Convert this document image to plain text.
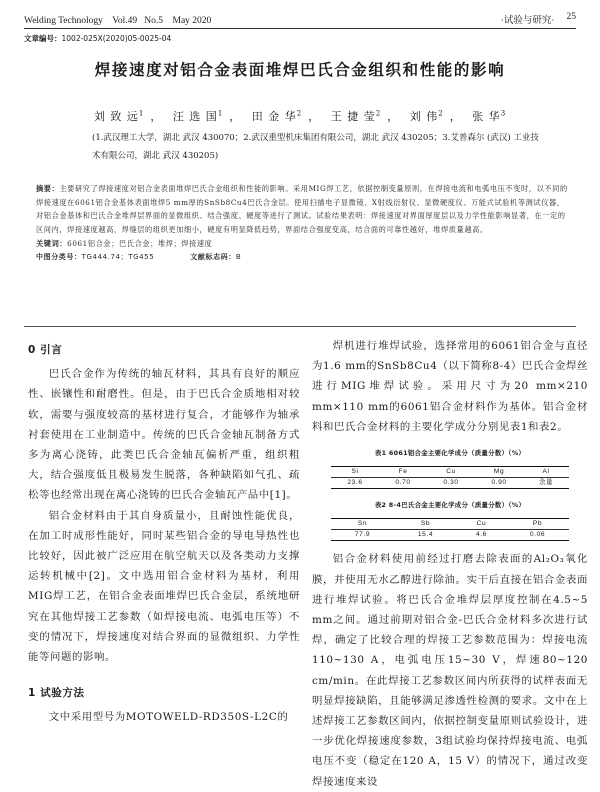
Welding Technology Vol.49 No.5 May 2020	·试验与研究· 25
文章编号：1002-025X(2020)05-0025-04
焊接速度对铝合金表面堆焊巴氏合金组织和性能的影响
刘 致 远$^1$ ， 汪 选 国$^1$ ， 田 金 华$^2$ ， 王 捷 莹$^2$ ， 刘 伟$^2$ ， 张 华$^3$
(1.武汉理工大学，湖北 武汉 430070；2.武汉重型机床集团有限公司，湖北 武汉 430205；3.艾普森尔 (武汉) 工业技
术有限公司，湖北 武汉 430205)
摘要：主要研究了焊接速度对铝合金表面堆焊巴氏合金组织和性能的影响。采用MIG焊工艺，依据控制变量原则，在焊接电流和电弧电压不变时，以不同的焊接速度在6061铝合金基体表面堆焊5 mm厚的SnSb8Cu4巴氏合金层。使用扫描电子显微镜、X射线衍射仪、显微硬度仪、万能式试验机等测试仪器，对铝合金基体和巴氏合金堆焊层界面的显微组织、结合强度、硬度等进行了测试。试验结果表明：焊接速度对界面厚度层以及力学性能影响显著，在一定的区间内，焊接速度越高，焊缝层的组织更加细小，硬度有明显降低趋势，界面结合强度变高，结合面的可靠性越好，堆焊质量越高。
关键词：6061铝合金；巴氏合金；堆焊；焊接速度
中图分类号：TG444.74；TG455	文献标志码：B
0 引言

巴氏合金作为传统的轴瓦材料，其具有良好的顺应性、嵌镶性和耐磨性。但是，由于巴氏合金质地相对较软，需要与强度较高的基材进行复合，才能够作为轴承衬套使用在工业制造中。传统的巴氏合金轴瓦制备方式多为离心浇铸，此类巴氏合金轴瓦偏析严重，组织粗大，结合强度低且极易发生脱落，各种缺陷如气孔、疏松等也经常出现在离心浇铸的巴氏合金轴瓦产品中[1]。

铝合金材料由于其自身质量小，且耐蚀性能优良，在加工时成形性能好，同时某些铝合金的导电导热性也比较好，因此被广泛应用在航空航天以及各类动力支撑运转机械中[2]。文中选用铝合金材料为基材，利用MIG焊工艺，在铝合金表面堆焊巴氏合金层，系统地研究在其他焊接工艺参数（如焊接电流、电弧电压等）不变的情况下，焊接速度对结合界面的显微组织、力学性能等问题的影响。

1 试验方法

文中采用型号为MOTOWELD-RD350S-L2C的

焊机进行堆焊试验，选择常用的6061铝合金与直径为1.6 mm的SnSb8Cu4（以下简称8-4）巴氏合金焊丝进行MIG堆焊试验。采用尺寸为20 mm×210 mm×110 mm的6061铝合金材料作为基体。铝合金材料和巴氏合金材料的主要化学成分分别见表1和表2。

表1 6061铝合金主要化学成分（质量分数）（%）
Si	Fe	Cu	Mg	Al
23.6	0.70	0.30	0.90	余量
表2 8-4巴氏合金主要化学成分（质量分数）（%）
Sn	Sb	Cu	Pb
77.9	15.4	4.6	0.06

铝合金材料使用前经过打磨去除表面的Al₂O₃氧化膜，并使用无水乙醇进行除油。实干后直接在铝合金表面进行堆焊试验。将巴氏合金堆焊层厚度控制在4.5~5 mm之间。通过前期对铝合金-巴氏合金材料多次进行试焊，确定了比较合理的焊接工艺参数范围为：焊接电流110~130 A，电弧电压15~30 V，焊速80~120 cm/min。在此焊接工艺参数区间内所获得的试样表面无明显焊接缺陷，且能够满足渗透性检测的要求。文中在上述焊接工艺参数区间内，依据控制变量原则试验设计，进一步优化焊接速度参数，3组试验均保持焊接电流、电弧电压不变（稳定在120 A，15 V）的情况下，通过改变焊接速度来设
